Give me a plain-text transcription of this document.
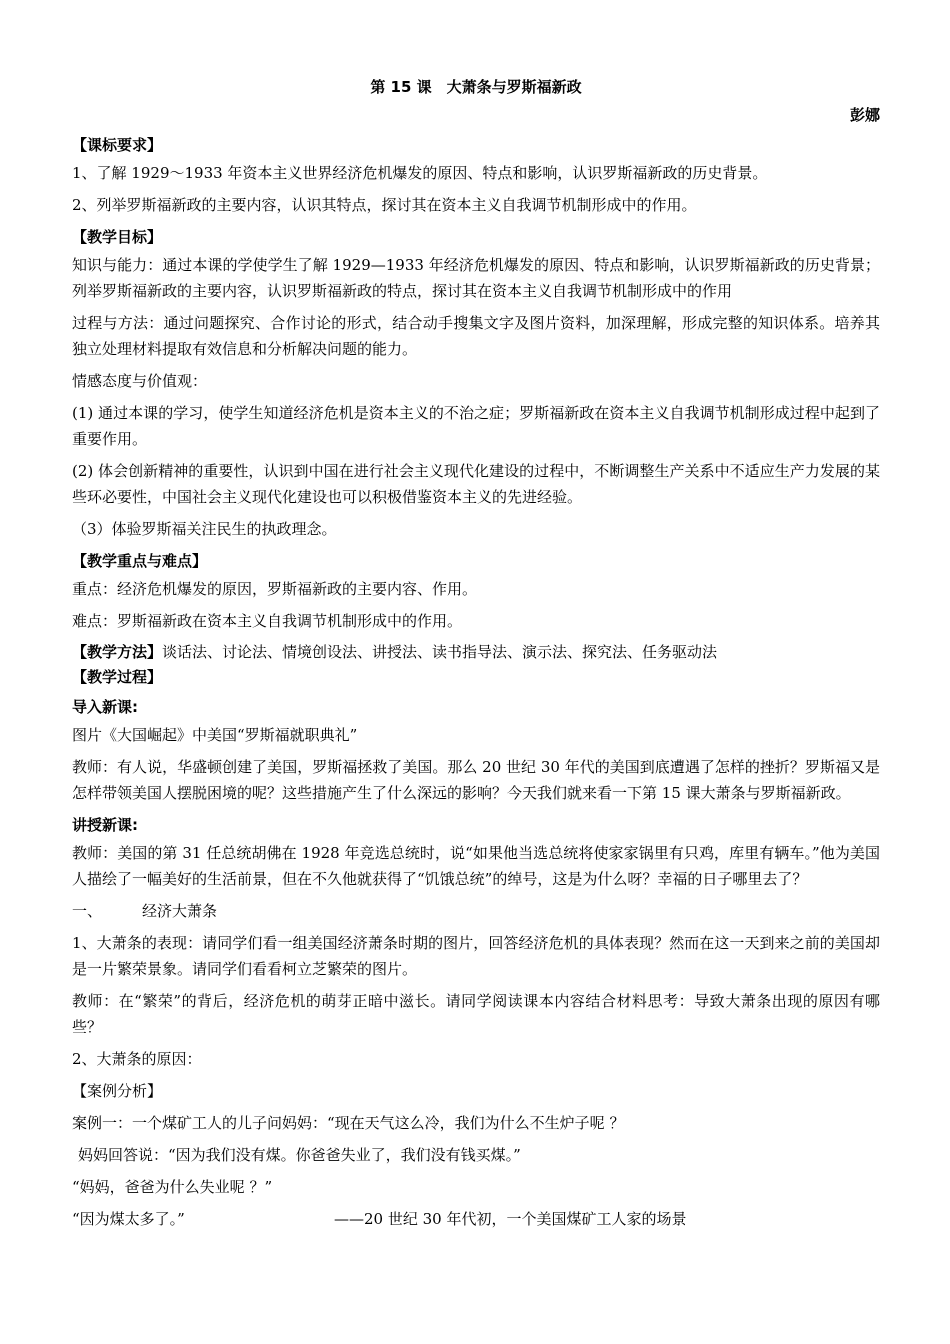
第 15 课　大萧条与罗斯福新政
彭娜
【课标要求】

1、了解 1929～1933 年资本主义世界经济危机爆发的原因、特点和影响，认识罗斯福新政的历史背景。

2、列举罗斯福新政的主要内容，认识其特点，探讨其在资本主义自我调节机制形成中的作用。

【教学目标】

知识与能力：通过本课的学使学生了解 1929—1933 年经济危机爆发的原因、特点和影响，认识罗斯福新政的历史背景；列举罗斯福新政的主要内容，认识罗斯福新政的特点，探讨其在资本主义自我调节机制形成中的作用

过程与方法：通过问题探究、合作讨论的形式，结合动手搜集文字及图片资料，加深理解，形成完整的知识体系。培养其独立处理材料提取有效信息和分析解决问题的能力。

情感态度与价值观：

(1) 通过本课的学习，使学生知道经济危机是资本主义的不治之症；罗斯福新政在资本主义自我调节机制形成过程中起到了重要作用。

(2) 体会创新精神的重要性，认识到中国在进行社会主义现代化建设的过程中，不断调整生产关系中不适应生产力发展的某些环必要性，中国社会主义现代化建设也可以积极借鉴资本主义的先进经验。

（3）体验罗斯福关注民生的执政理念。

【教学重点与难点】

重点：经济危机爆发的原因，罗斯福新政的主要内容、作用。

难点：罗斯福新政在资本主义自我调节机制形成中的作用。

【教学方法】谈话法、讨论法、情境创设法、讲授法、读书指导法、演示法、探究法、任务驱动法
【教学过程】
导入新课:

图片《大国崛起》中美国“罗斯福就职典礼”

教师：有人说，华盛顿创建了美国，罗斯福拯救了美国。那么 20 世纪 30 年代的美国到底遭遇了怎样的挫折？罗斯福又是怎样带领美国人摆脱困境的呢？这些措施产生了什么深远的影响？今天我们就来看一下第 15 课大萧条与罗斯福新政。

讲授新课:

教师：美国的第 31 任总统胡佛在 1928 年竞选总统时，说“如果他当选总统将使家家锅里有只鸡，库里有辆车。”他为美国人描绘了一幅美好的生活前景，但在不久他就获得了“饥饿总统”的绰号，这是为什么呀？幸福的日子哪里去了？

一、	经济大萧条

1、大萧条的表现：请同学们看一组美国经济萧条时期的图片，回答经济危机的具体表现？然而在这一天到来之前的美国却是一片繁荣景象。请同学们看看柯立芝繁荣的图片。

教师：在“繁荣”的背后，经济危机的萌芽正暗中滋长。请同学阅读课本内容结合材料思考：导致大萧条出现的原因有哪些？

2、大萧条的原因：

【案例分析】

案例一：一个煤矿工人的儿子问妈妈：“现在天气这么冷，我们为什么不生炉子呢 ？

妈妈回答说：“因为我们没有煤。你爸爸失业了，我们没有钱买煤。”

“妈妈，爸爸为什么失业呢 ？”

“因为煤太多了。”	——20 世纪 30 年代初，一个美国煤矿工人家的场景
